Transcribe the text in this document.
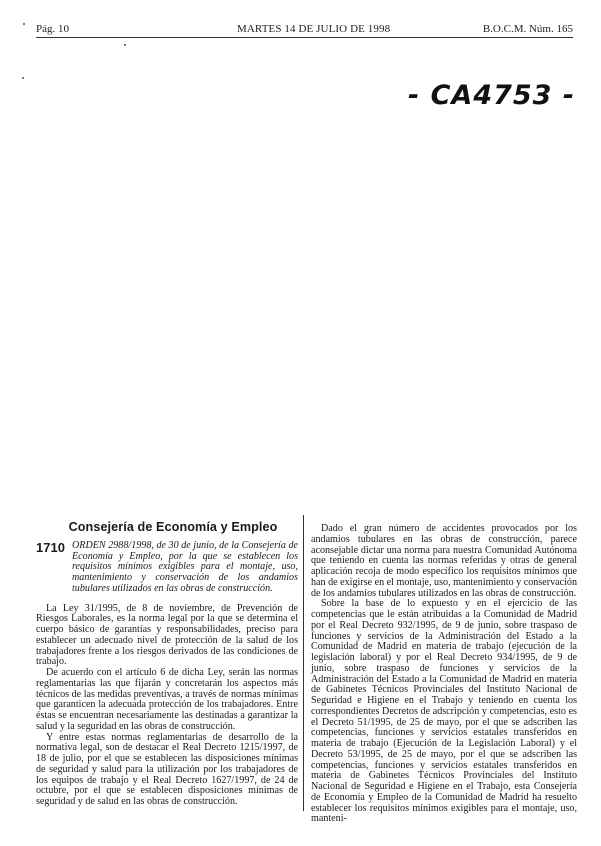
Pág. 10	MARTES 14 DE JULIO DE 1998	B.O.C.M. Núm. 165
- CA4753 -
Consejería de Economía y Empleo
1710 ORDEN 2988/1998, de 30 de junio, de la Consejería de Economía y Empleo, por la que se establecen los requisitos mínimos exigibles para el montaje, uso, mantenimiento y conservación de los andamios tubulares utilizados en las obras de construcción.

La Ley 31/1995, de 8 de noviembre, de Prevención de Riesgos Laborales, es la norma legal por la que se determina el cuerpo básico de garantías y responsabilidades, preciso para establecer un adecuado nivel de protección de la salud de los trabajadores frente a los riesgos derivados de las condiciones de trabajo.

De acuerdo con el artículo 6 de dicha Ley, serán las normas reglamentarias las que fijarán y concretarán los aspectos más técnicos de las medidas preventivas, a través de normas mínimas que garanticen la adecuada protección de los trabajadores. Entre éstas se encuentran necesariamente las destinadas a garantizar la salud y la seguridad en las obras de construcción.

Y entre estas normas reglamentarias de desarrollo de la normativa legal, son de destacar el Real Decreto 1215/1997, de 18 de julio, por el que se establecen las disposiciones mínimas de seguridad y salud para la utilización por los trabajadores de los equipos de trabajo y el Real Decreto 1627/1997, de 24 de octubre, por el que se establecen disposiciones mínimas de seguridad y de salud en las obras de construcción.

Dado el gran número de accidentes provocados por los andamios tubulares en las obras de construcción, parece aconsejable dictar una norma para nuestra Comunidad Autónoma que teniendo en cuenta las normas referidas y otras de general aplicación recoja de modo específico los requisitos mínimos que han de exigirse en el montaje, uso, mantenimiento y conservación de los andamios tubulares utilizados en las obras de construcción.

Sobre la base de lo expuesto y en el ejercicio de las competencias que le están atribuidas a la Comunidad de Madrid por el Real Decreto 932/1995, de 9 de junio, sobre traspaso de funciones y servicios de la Administración del Estado a la Comunidad de Madrid en materia de trabajo (ejecución de la legislación laboral) y por el Real Decreto 934/1995, de 9 de junio, sobre traspaso de funciones y servicios de la Administración del Estado a la Comunidad de Madrid en materia de Gabinetes Técnicos Provinciales del Instituto Nacional de Seguridad e Higiene en el Trabajo y teniendo en cuenta los correspondientes Decretos de adscripción y competencias, esto es el Decreto 51/1995, de 25 de mayo, por el que se adscriben las competencias, funciones y servicios estatales transferidos en materia de trabajo (Ejecución de la Legislación Laboral) y el Decreto 53/1995, de 25 de mayo, por el que se adscriben las competencias, funciones y servicios estatales transferidos en materia de Gabinetes Técnicos Provinciales del Instituto Nacional de Seguridad e Higiene en el Trabajo, esta Consejería de Economía y Empleo de la Comunidad de Madrid ha resuelto establecer los requisitos mínimos exigibles para el montaje, uso, manteni-
